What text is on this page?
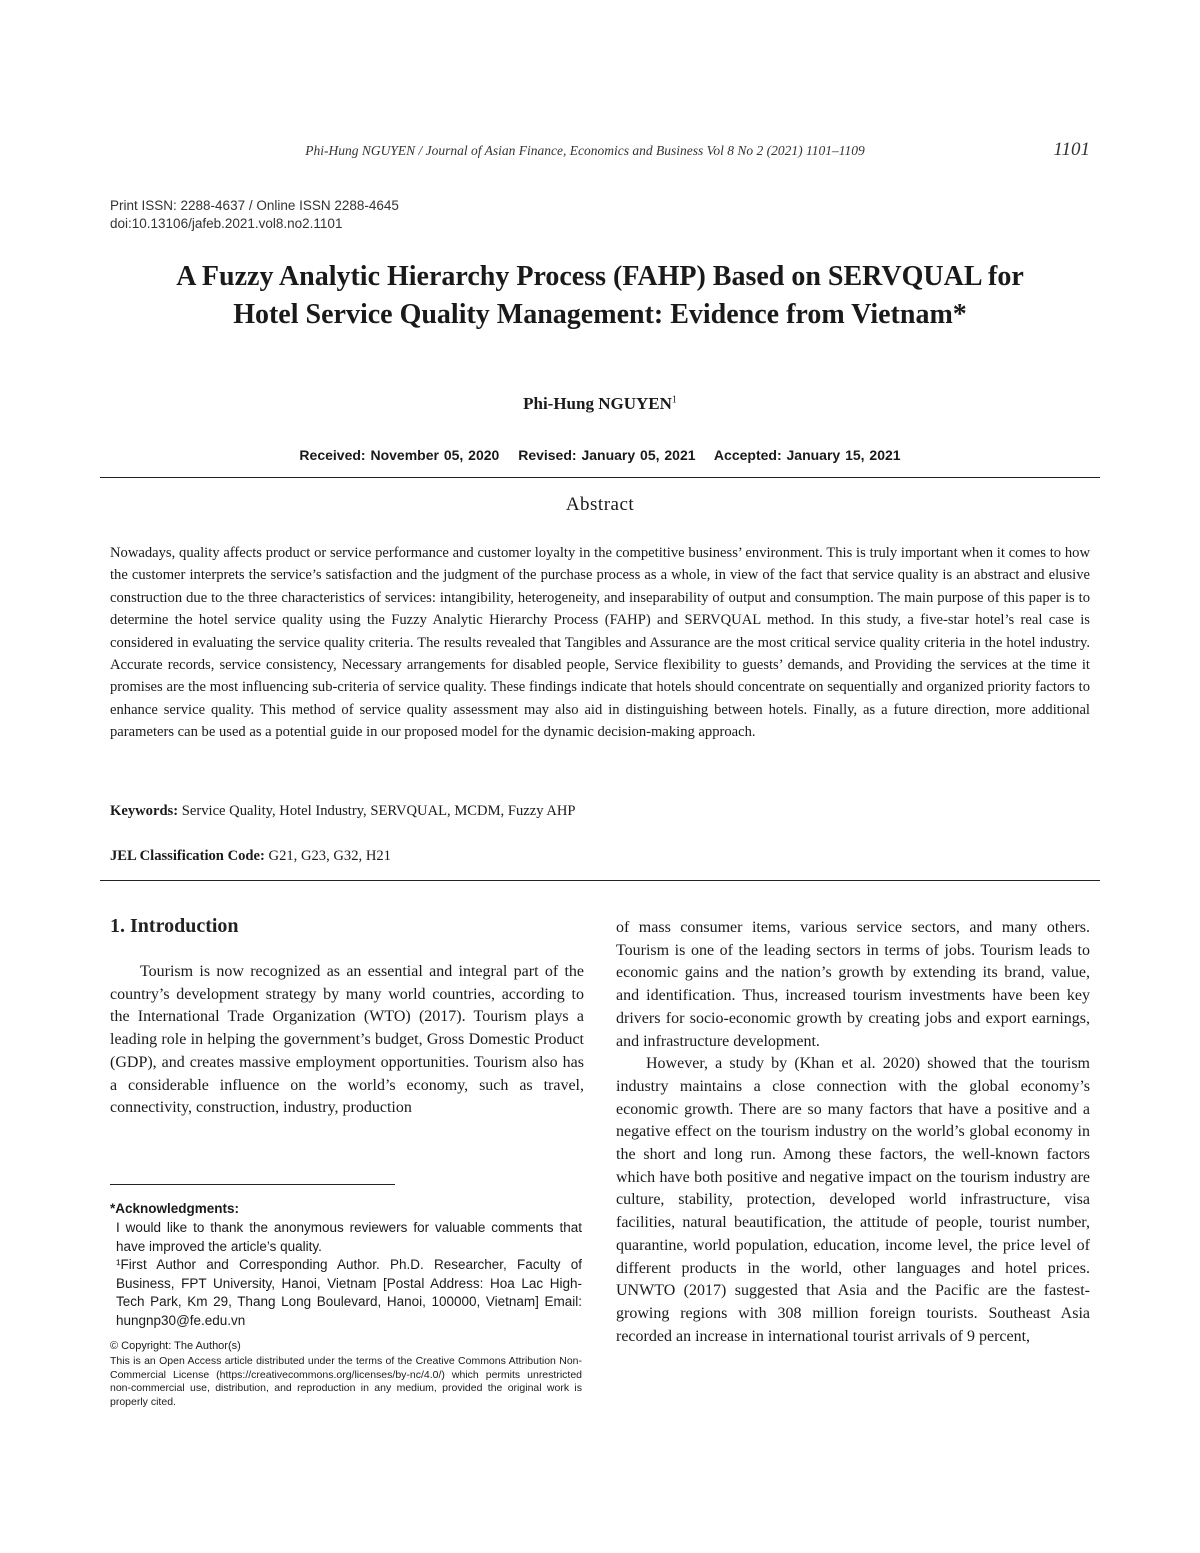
Phi-Hung NGUYEN / Journal of Asian Finance, Economics and Business Vol 8 No 2 (2021) 1101–1109	1101
Print ISSN: 2288-4637 / Online ISSN 2288-4645
doi:10.13106/jafeb.2021.vol8.no2.1101
A Fuzzy Analytic Hierarchy Process (FAHP) Based on SERVQUAL for
Hotel Service Quality Management: Evidence from Vietnam*
Phi-Hung NGUYEN$^1$
Received: November 05, 2020 Revised: January 05, 2021 Accepted: January 15, 2021
Abstract
Nowadays, quality affects product or service performance and customer loyalty in the competitive business’ environment. This is truly important when it comes to how the customer interprets the service’s satisfaction and the judgment of the purchase process as a whole, in view of the fact that service quality is an abstract and elusive construction due to the three characteristics of services: intangibility, heterogeneity, and inseparability of output and consumption. The main purpose of this paper is to determine the hotel service quality using the Fuzzy Analytic Hierarchy Process (FAHP) and SERVQUAL method. In this study, a five-star hotel’s real case is considered in evaluating the service quality criteria. The results revealed that Tangibles and Assurance are the most critical service quality criteria in the hotel industry. Accurate records, service consistency, Necessary arrangements for disabled people, Service flexibility to guests’ demands, and Providing the services at the time it promises are the most influencing sub-criteria of service quality. These findings indicate that hotels should concentrate on sequentially and organized priority factors to enhance service quality. This method of service quality assessment may also aid in distinguishing between hotels. Finally, as a future direction, more additional parameters can be used as a potential guide in our proposed model for the dynamic decision-making approach.
Keywords: Service Quality, Hotel Industry, SERVQUAL, MCDM, Fuzzy AHP
JEL Classification Code: G21, G23, G32, H21
1. Introduction

Tourism is now recognized as an essential and integral part of the country’s development strategy by many world countries, according to the International Trade Organization (WTO) (2017). Tourism plays a leading role in helping the government’s budget, Gross Domestic Product (GDP), and creates massive employment opportunities. Tourism also has a considerable influence on the world’s economy, such as travel, connectivity, construction, industry, production

of mass consumer items, various service sectors, and many others. Tourism is one of the leading sectors in terms of jobs. Tourism leads to economic gains and the nation’s growth by extending its brand, value, and identification. Thus, increased tourism investments have been key drivers for socio-economic growth by creating jobs and export earnings, and infrastructure development.

However, a study by (Khan et al. 2020) showed that the tourism industry maintains a close connection with the global economy’s economic growth. There are so many factors that have a positive and a negative effect on the tourism industry on the world’s global economy in the short and long run. Among these factors, the well-known factors which have both positive and negative impact on the tourism industry are culture, stability, protection, developed world infrastructure, visa facilities, natural beautification, the attitude of people, tourist number, quarantine, world population, education, income level, the price level of different products in the world, other languages and hotel prices. UNWTO (2017) suggested that Asia and the Pacific are the fastest-growing regions with 308 million foreign tourists. Southeast Asia recorded an increase in international tourist arrivals of 9 percent,

*Acknowledgments:
I would like to thank the anonymous reviewers for valuable comments that have improved the article’s quality.
¹First Author and Corresponding Author. Ph.D. Researcher, Faculty of Business, FPT University, Hanoi, Vietnam [Postal Address: Hoa Lac High-Tech Park, Km 29, Thang Long Boulevard, Hanoi, 100000, Vietnam] Email: hungnp30@fe.edu.vn
© Copyright: The Author(s)
This is an Open Access article distributed under the terms of the Creative Commons Attribution Non-Commercial License (https://creativecommons.org/licenses/by-nc/4.0/) which permits unrestricted non-commercial use, distribution, and reproduction in any medium, provided the original work is properly cited.
